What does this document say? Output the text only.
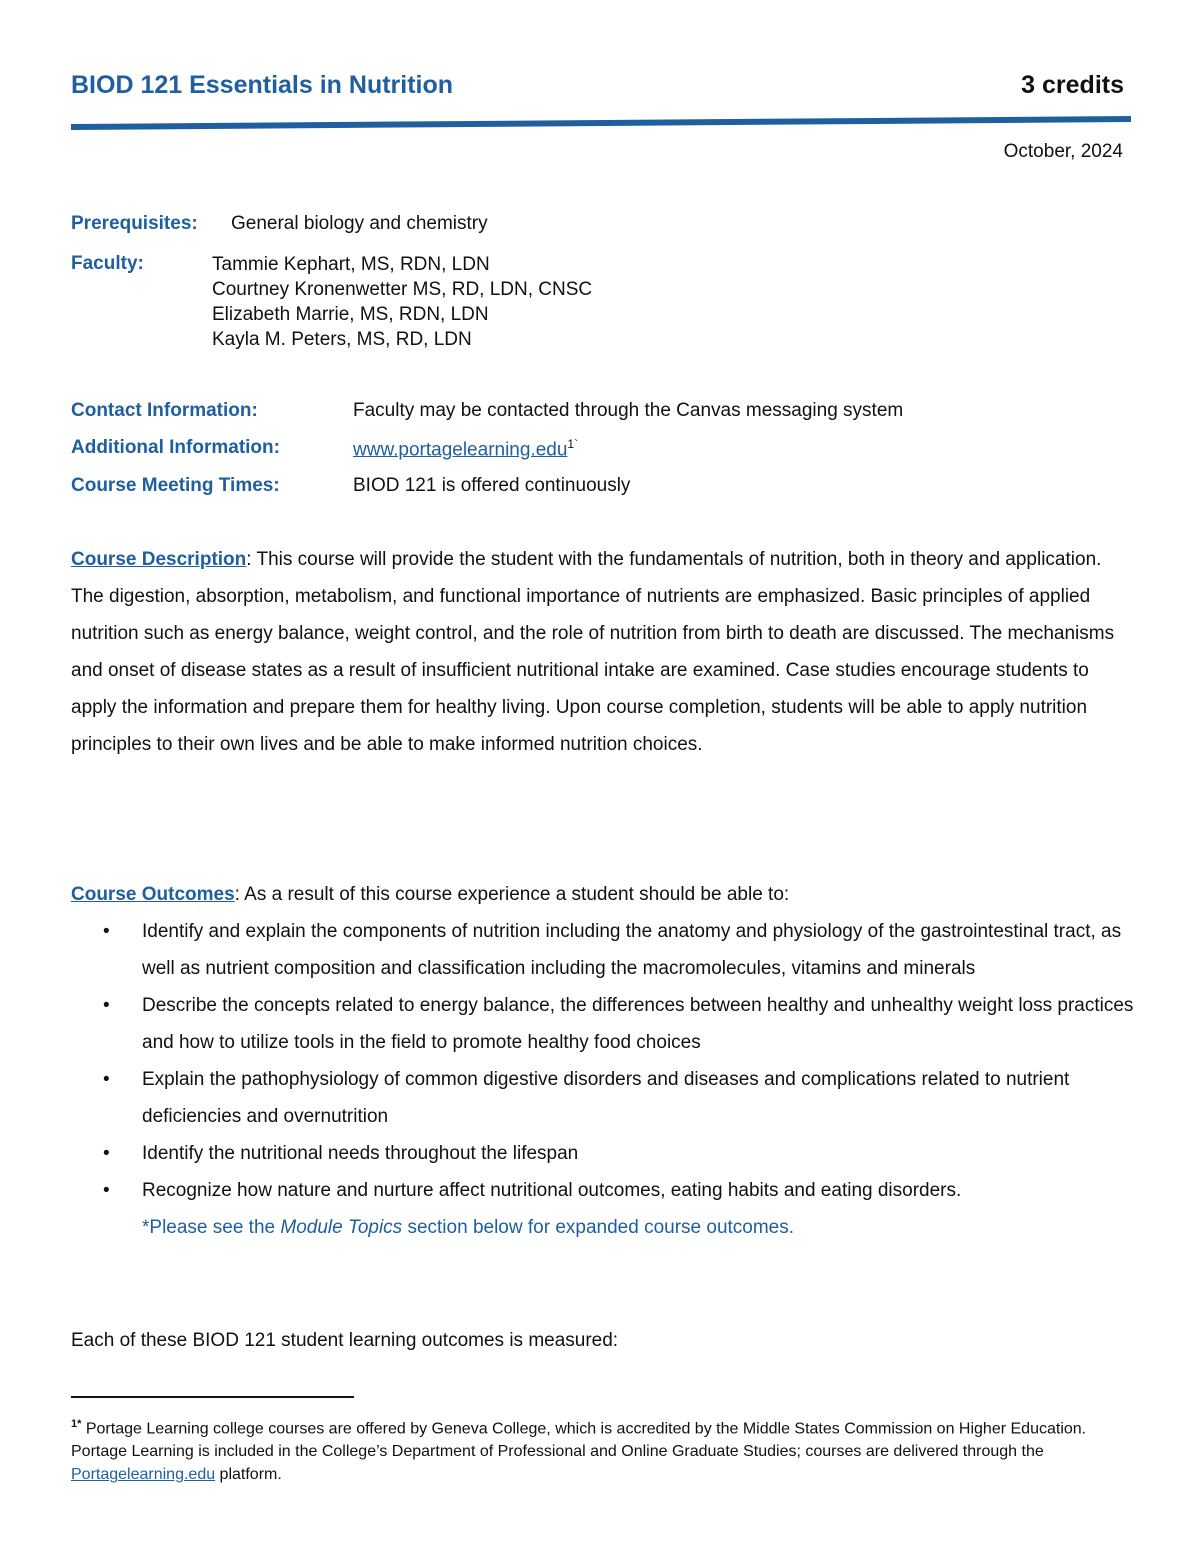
BIOD 121 Essentials in Nutrition	3 credits
October, 2024
Prerequisites: General biology and chemistry
Faculty:	Tammie Kephart, MS, RDN, LDN
Courtney Kronenwetter MS, RD, LDN, CNSC
Elizabeth Marrie, MS, RDN, LDN
Kayla M. Peters, MS, RD, LDN
Contact Information:	Faculty may be contacted through the Canvas messaging system
Additional Information:	www.portagelearning.edu$^{1`}$
Course Meeting Times:	BIOD 121 is offered continuously
Course Description: This course will provide the student with the fundamentals of nutrition, both in theory and application. The digestion, absorption, metabolism, and functional importance of nutrients are emphasized. Basic principles of applied nutrition such as energy balance, weight control, and the role of nutrition from birth to death are discussed. The mechanisms and onset of disease states as a result of insufficient nutritional intake are examined. Case studies encourage students to apply the information and prepare them for healthy living. Upon course completion, students will be able to apply nutrition principles to their own lives and be able to make informed nutrition choices.
Course Outcomes: As a result of this course experience a student should be able to:
• Identify and explain the components of nutrition including the anatomy and physiology of the gastrointestinal tract, as well as nutrient composition and classification including the macromolecules, vitamins and minerals
• Describe the concepts related to energy balance, the differences between healthy and unhealthy weight loss practices and how to utilize tools in the field to promote healthy food choices
• Explain the pathophysiology of common digestive disorders and diseases and complications related to nutrient deficiencies and overnutrition
• Identify the nutritional needs throughout the lifespan
• Recognize how nature and nurture affect nutritional outcomes, eating habits and eating disorders.
*Please see the Module Topics section below for expanded course outcomes.
Each of these BIOD 121 student learning outcomes is measured:
$^{1*}$ Portage Learning college courses are offered by Geneva College, which is accredited by the Middle States Commission on Higher Education. Portage Learning is included in the College’s Department of Professional and Online Graduate Studies; courses are delivered through the Portagelearning.edu platform.
